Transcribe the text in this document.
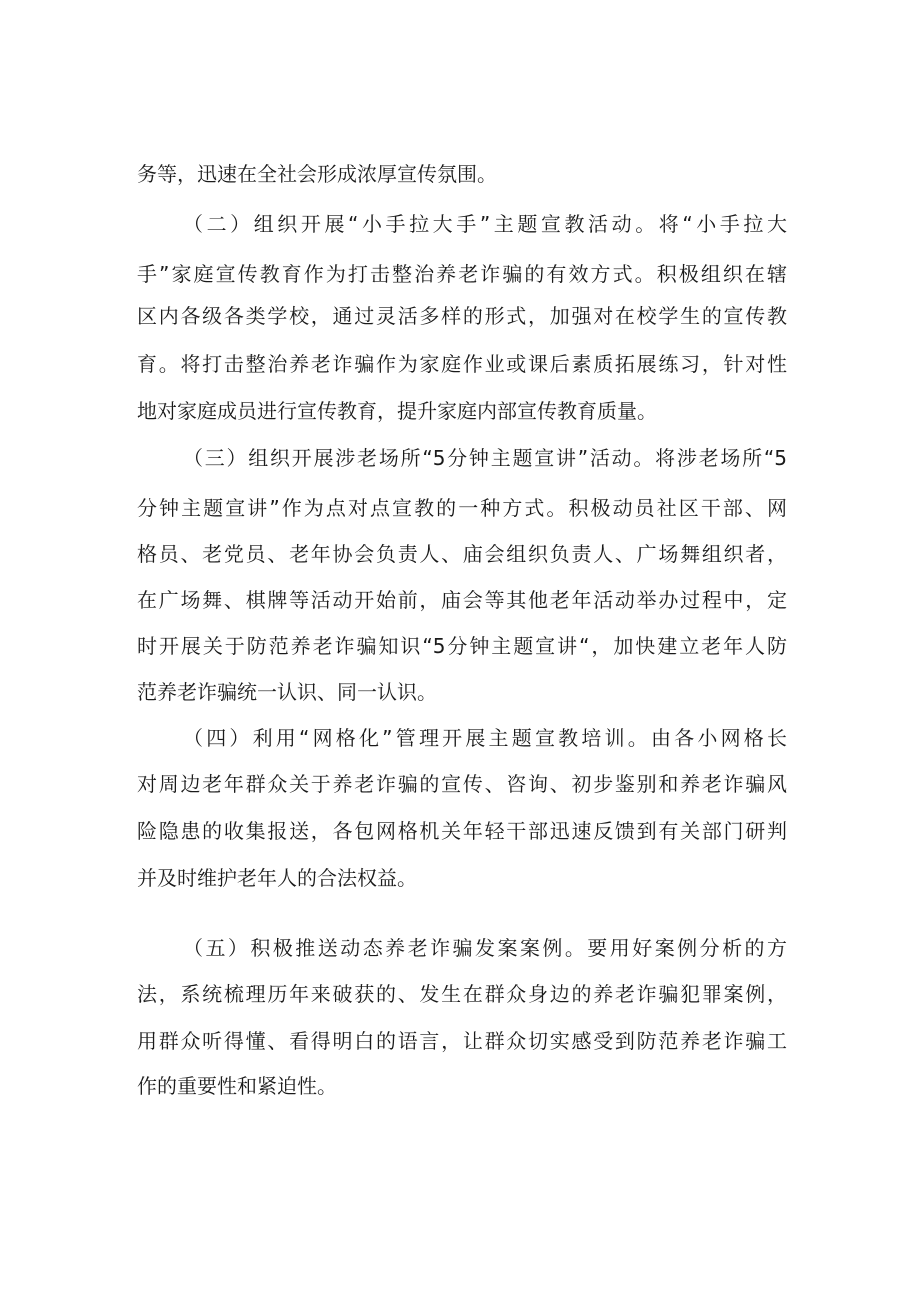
务等，迅速在全社会形成浓厚宣传氛围。
（二）组织开展“小手拉大手”主题宣教活动。将“小手拉大
手”家庭宣传教育作为打击整治养老诈骗的有效方式。积极组织在辖
区内各级各类学校，通过灵活多样的形式，加强对在校学生的宣传教
育。将打击整治养老诈骗作为家庭作业或课后素质拓展练习，针对性
地对家庭成员进行宣传教育，提升家庭内部宣传教育质量。
（三）组织开展涉老场所“5分钟主题宣讲”活动。将涉老场所“5
分钟主题宣讲”作为点对点宣教的一种方式。积极动员社区干部、网
格员、老党员、老年协会负责人、庙会组织负责人、广场舞组织者，
在广场舞、棋牌等活动开始前，庙会等其他老年活动举办过程中，定
时开展关于防范养老诈骗知识“5分钟主题宣讲“，加快建立老年人防
范养老诈骗统一认识、同一认识。
（四）利用“网格化”管理开展主题宣教培训。由各小网格长
对周边老年群众关于养老诈骗的宣传、咨询、初步鉴别和养老诈骗风
险隐患的收集报送，各包网格机关年轻干部迅速反馈到有关部门研判
并及时维护老年人的合法权益。
（五）积极推送动态养老诈骗发案案例。要用好案例分析的方
法，系统梳理历年来破获的、发生在群众身边的养老诈骗犯罪案例，
用群众听得懂、看得明白的语言，让群众切实感受到防范养老诈骗工
作的重要性和紧迫性。
